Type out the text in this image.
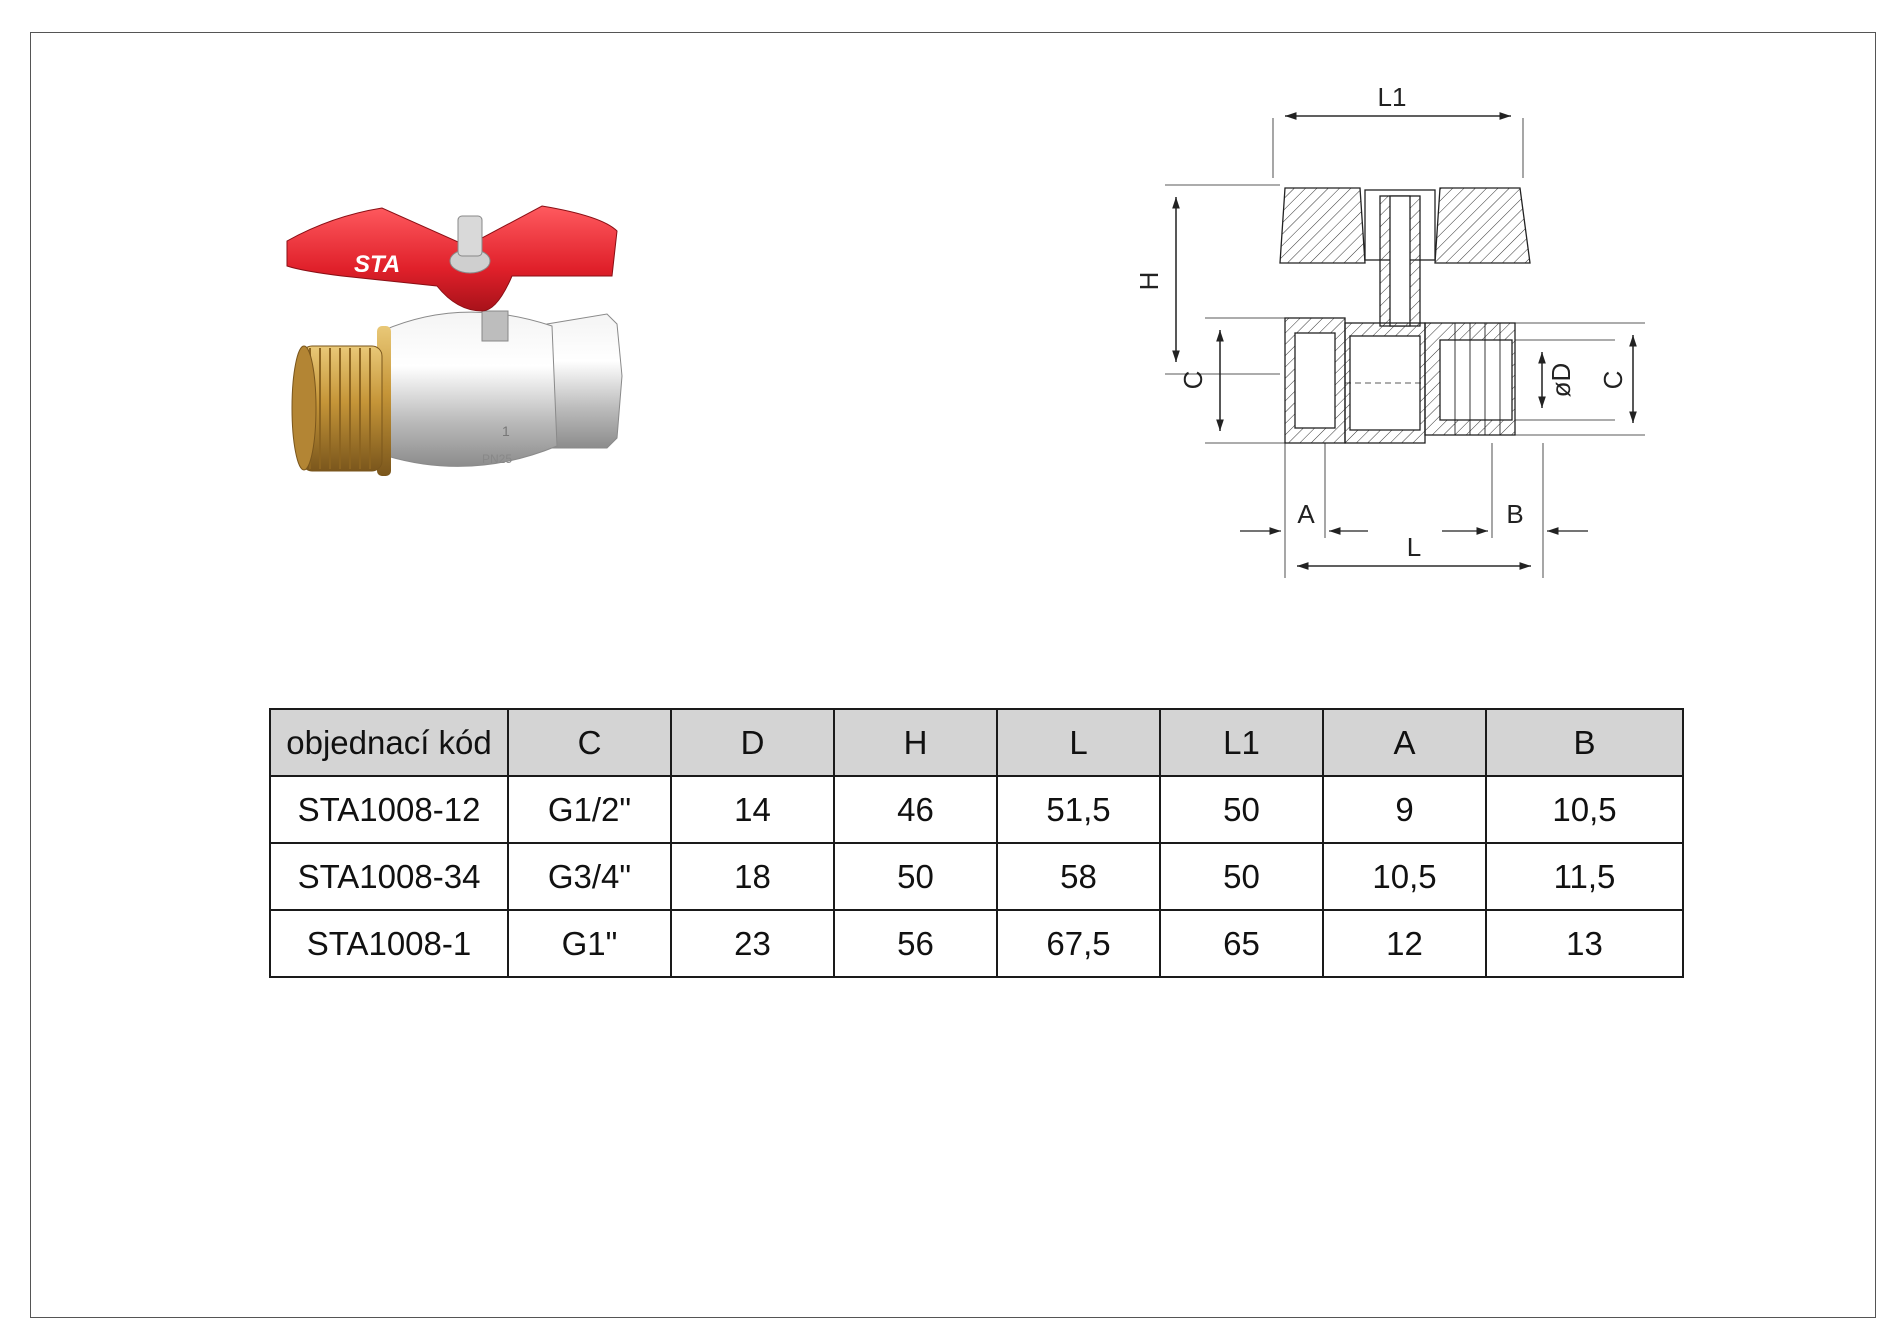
STA
1
PN25
L1
H
C	øD C
A	B
L
objednací kód	C	D	H	L	L1	A	B
STA1008-12	G1/2"	14	46	51,5	50	9	10,5
STA1008-34	G3/4"	18	50	58	50	10,5	11,5
STA1008-1	G1"	23	56	67,5	65	12	13
